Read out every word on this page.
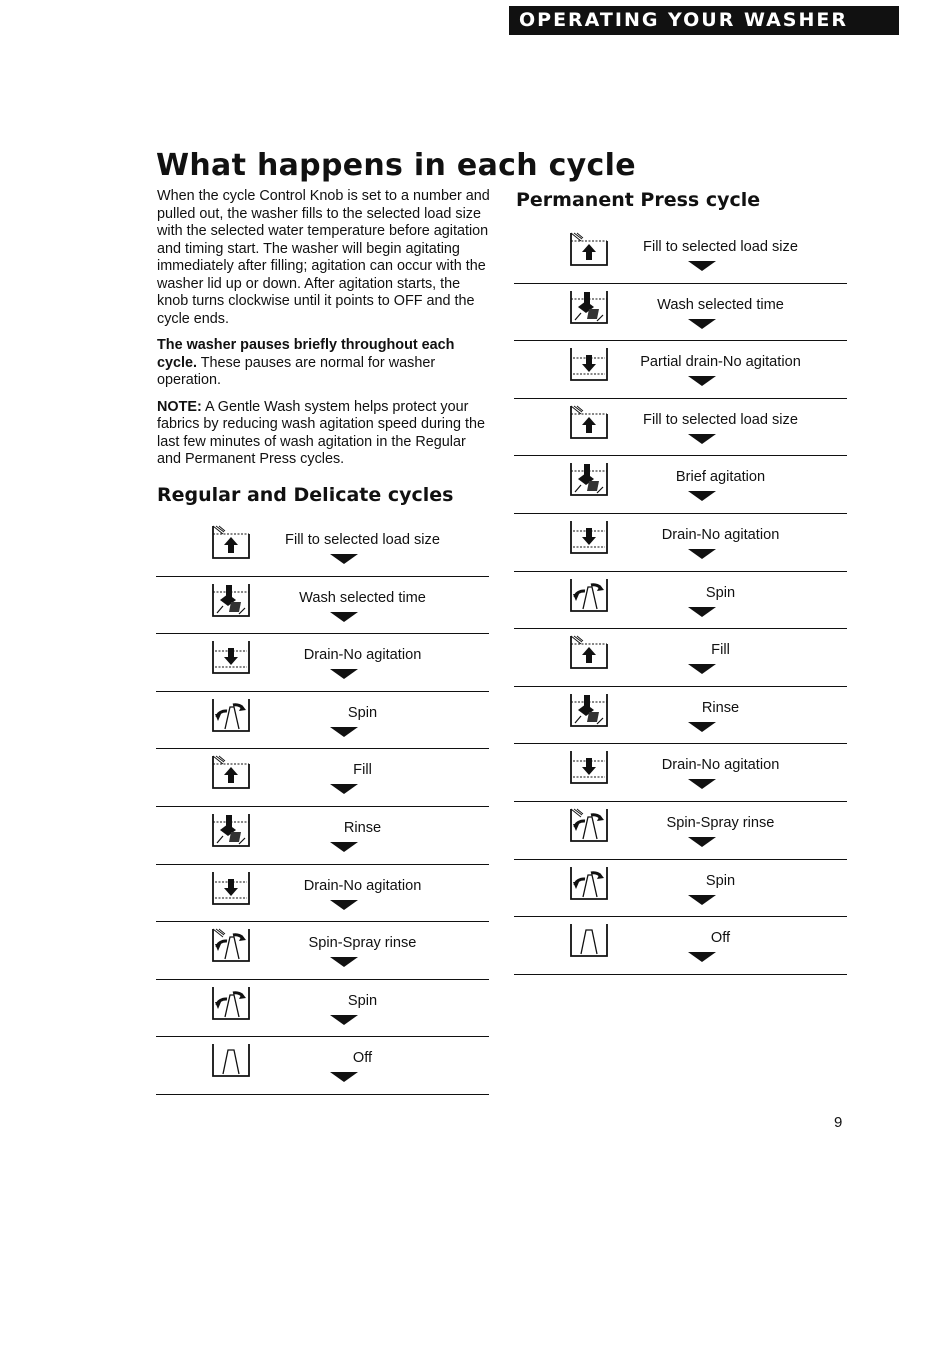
OPERATING YOUR WASHER
What happens in each cycle

When the cycle Control Knob is set to a number and pulled out, the washer fills to the selected load size with the selected water temperature before agitation and timing start. The washer will begin agitating immediately after filling; agitation can occur with the washer lid up or down. After agitation starts, the knob turns clockwise until it points to OFF and the cycle ends.

The washer pauses briefly throughout each cycle. These pauses are normal for washer operation.

NOTE: A Gentle Wash system helps protect your fabrics by reducing wash agitation speed during the last few minutes of wash agitation in the Regular and Permanent Press cycles.

Regular and Delicate cycles
Fill to selected load size
Wash selected time
Drain-No agitation
Spin
Fill
Rinse
Drain-No agitation
Spin-Spray rinse
Spin
Off
Permanent Press cycle
Fill to selected load size
Wash selected time
Partial drain-No agitation
Fill to selected load size
Brief agitation
Drain-No agitation
Spin
Fill
Rinse
Drain-No agitation
Spin-Spray rinse
Spin
Off
9
